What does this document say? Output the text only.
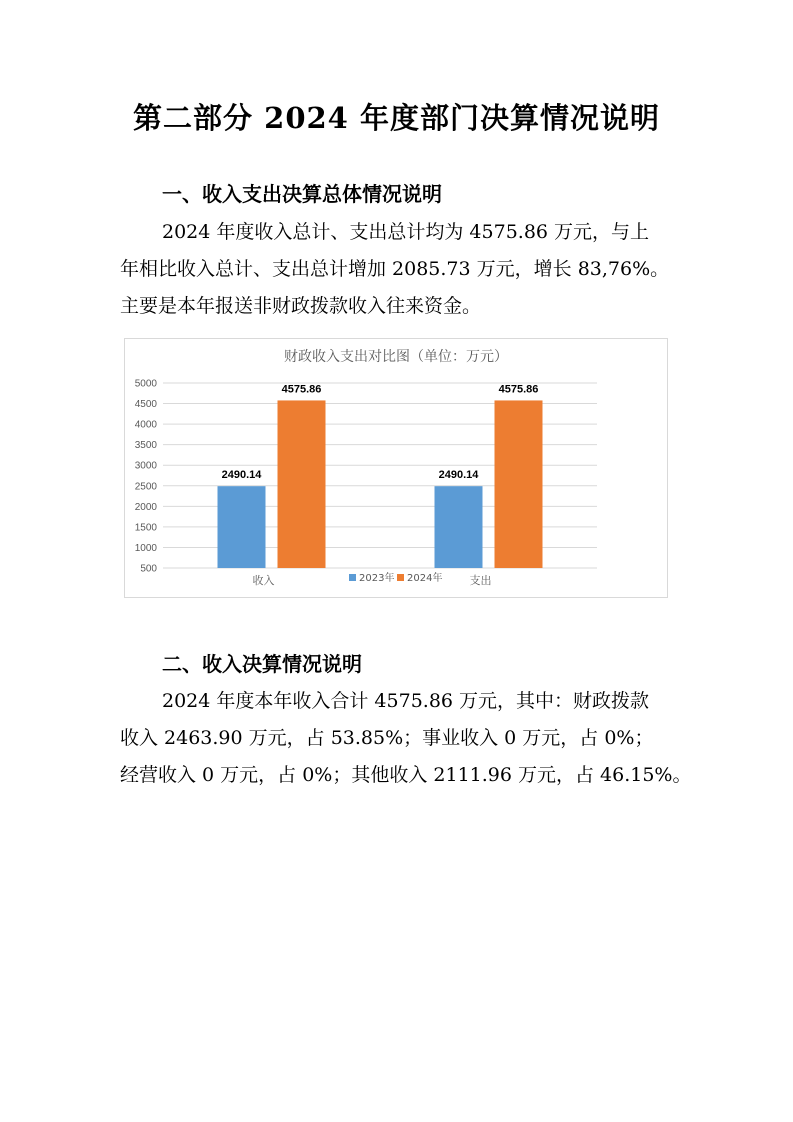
第二部分 2024 年度部门决算情况说明
一、收入支出决算总体情况说明
2024 年度收入总计、支出总计均为 4575.86 万元，与上
年相比收入总计、支出总计增加 2085.73 万元，增长 83,76%。
主要是本年报送非财政拨款收入往来资金。
财政收入支出对比图（单位：万元）
500
1000
1500
2000
2500
3000
3500
4000
4500
5000
2490.14
4575.86
收入
2490.14
4575.86
支出
2023年 2024年
二、收入决算情况说明
2024 年度本年收入合计 4575.86 万元，其中：财政拨款
收入 2463.90 万元，占 53.85%；事业收入 0 万元，占 0%；
经营收入 0 万元，占 0%；其他收入 2111.96 万元，占 46.15%。
